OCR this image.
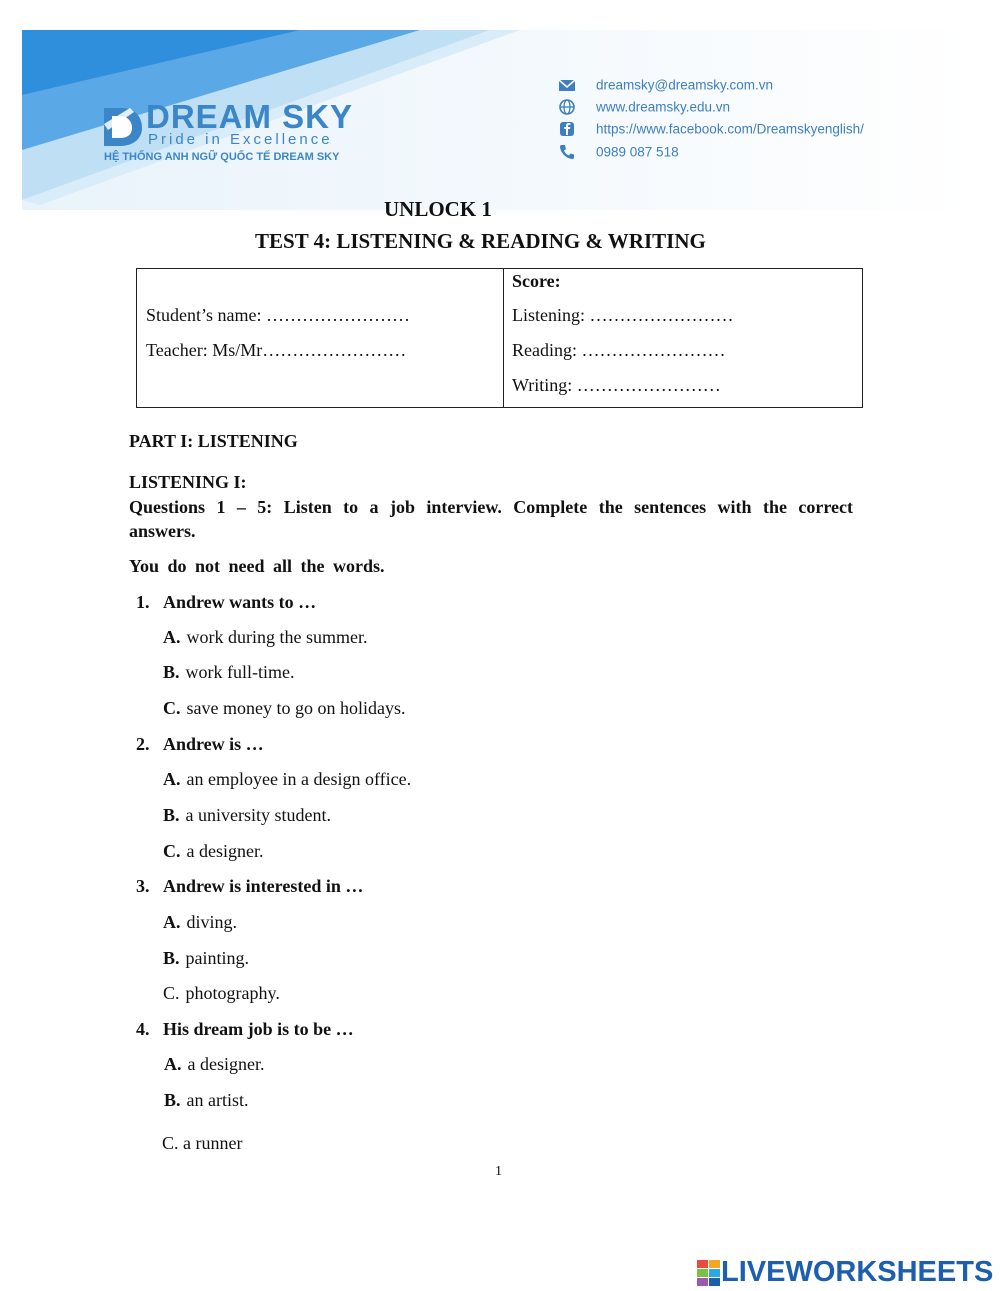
DREAM SKY
Pride in Excellence
HỆ THỐNG ANH NGỮ QUỐC TẾ DREAM SKY
dreamsky@dreamsky.com.vn
www.dreamsky.edu.vn
https://www.facebook.com/Dreamskyenglish/
0989 087 518
UNLOCK 1
TEST 4: LISTENING & READING & WRITING
Student’s name: ……………………
Teacher: Ms/Mr……………………
Score:
Listening: ……………………
Reading: ……………………
Writing: ……………………
PART I: LISTENING
LISTENING I:
Questions 1 – 5: Listen to a job interview. Complete the sentences with the correct
answers.
You do not need all the words.
1. Andrew wants to …
A. work during the summer.
B. work full-time.
C. save money to go on holidays.
2. Andrew is …
A. an employee in a design office.
B. a university student.
C. a designer.
3. Andrew is interested in …
A. diving.
B. painting.
C. photography.
4. His dream job is to be …
A. a designer.
B. an artist.
C. a runner
1
LIVEWORKSHEETS
